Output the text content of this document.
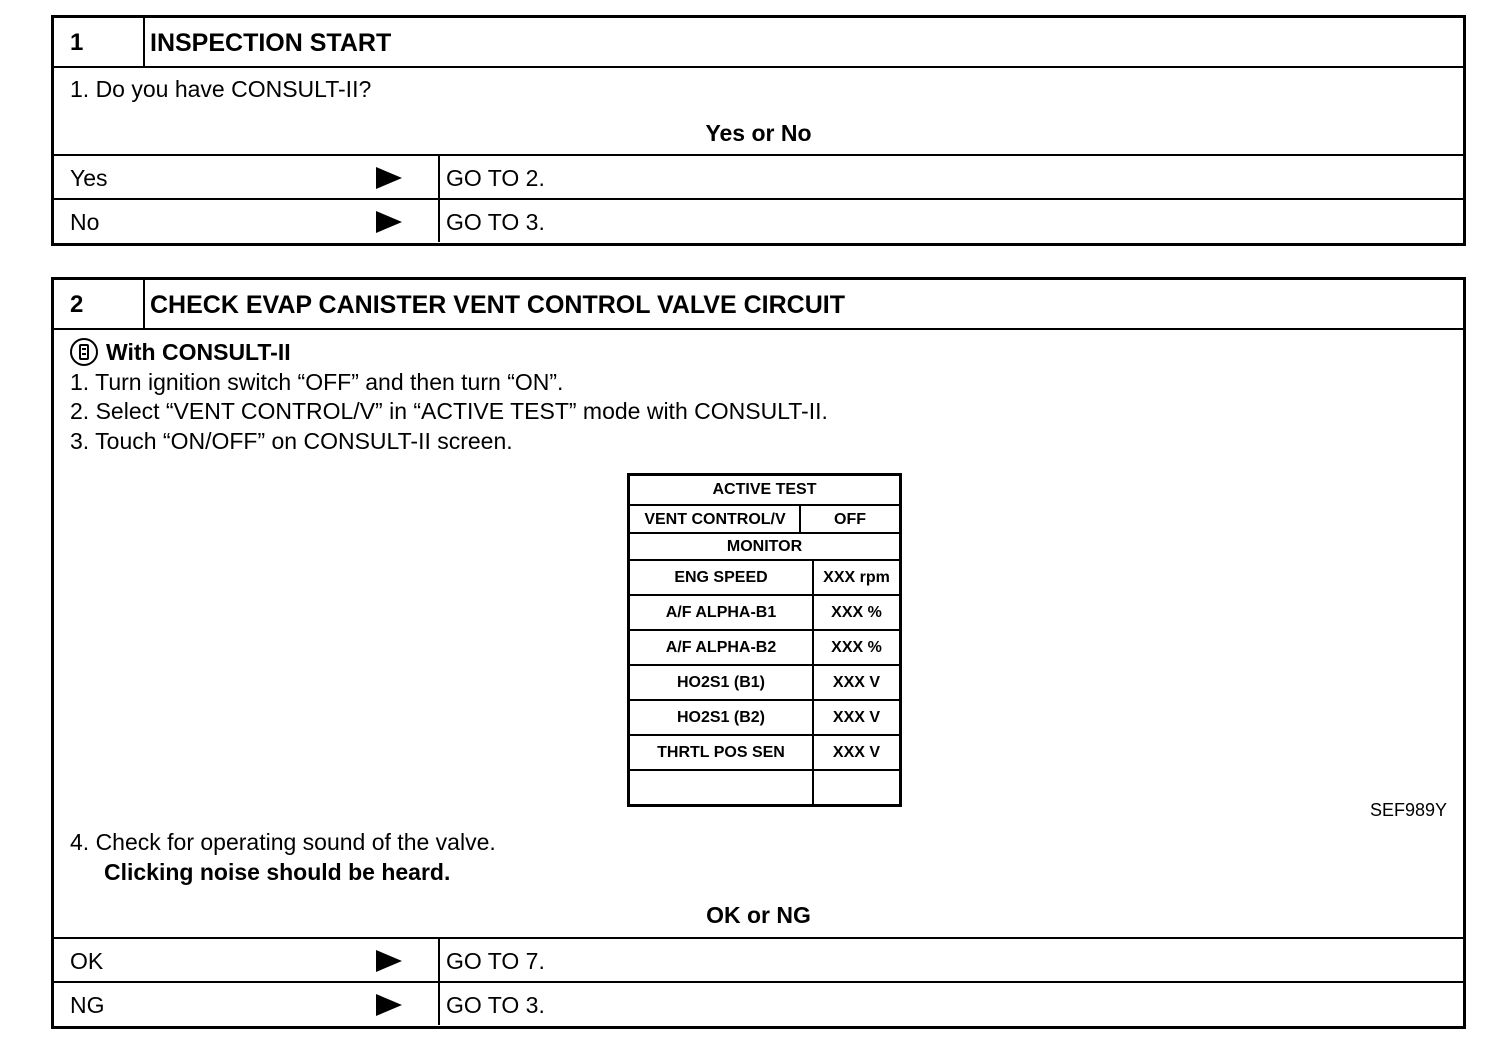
1	INSPECTION START
1. Do you have CONSULT-II?
Yes or No
Yes	GO TO 2.
No	GO TO 3.
2	CHECK EVAP CANISTER VENT CONTROL VALVE CIRCUIT
With CONSULT-II
1. Turn ignition switch “OFF” and then turn “ON”.
2. Select “VENT CONTROL/V” in “ACTIVE TEST” mode with CONSULT-II.
3. Touch “ON/OFF” on CONSULT-II screen.
ACTIVE TEST
VENT CONTROL/V	OFF
MONITOR
ENG SPEED	XXX rpm
A/F ALPHA-B1	XXX %
A/F ALPHA-B2	XXX %
HO2S1 (B1)	XXX V
HO2S1 (B2)	XXX V
THRTL POS SEN	XXX V
SEF989Y
4. Check for operating sound of the valve.
Clicking noise should be heard.
OK or NG
OK	GO TO 7.
NG	GO TO 3.
